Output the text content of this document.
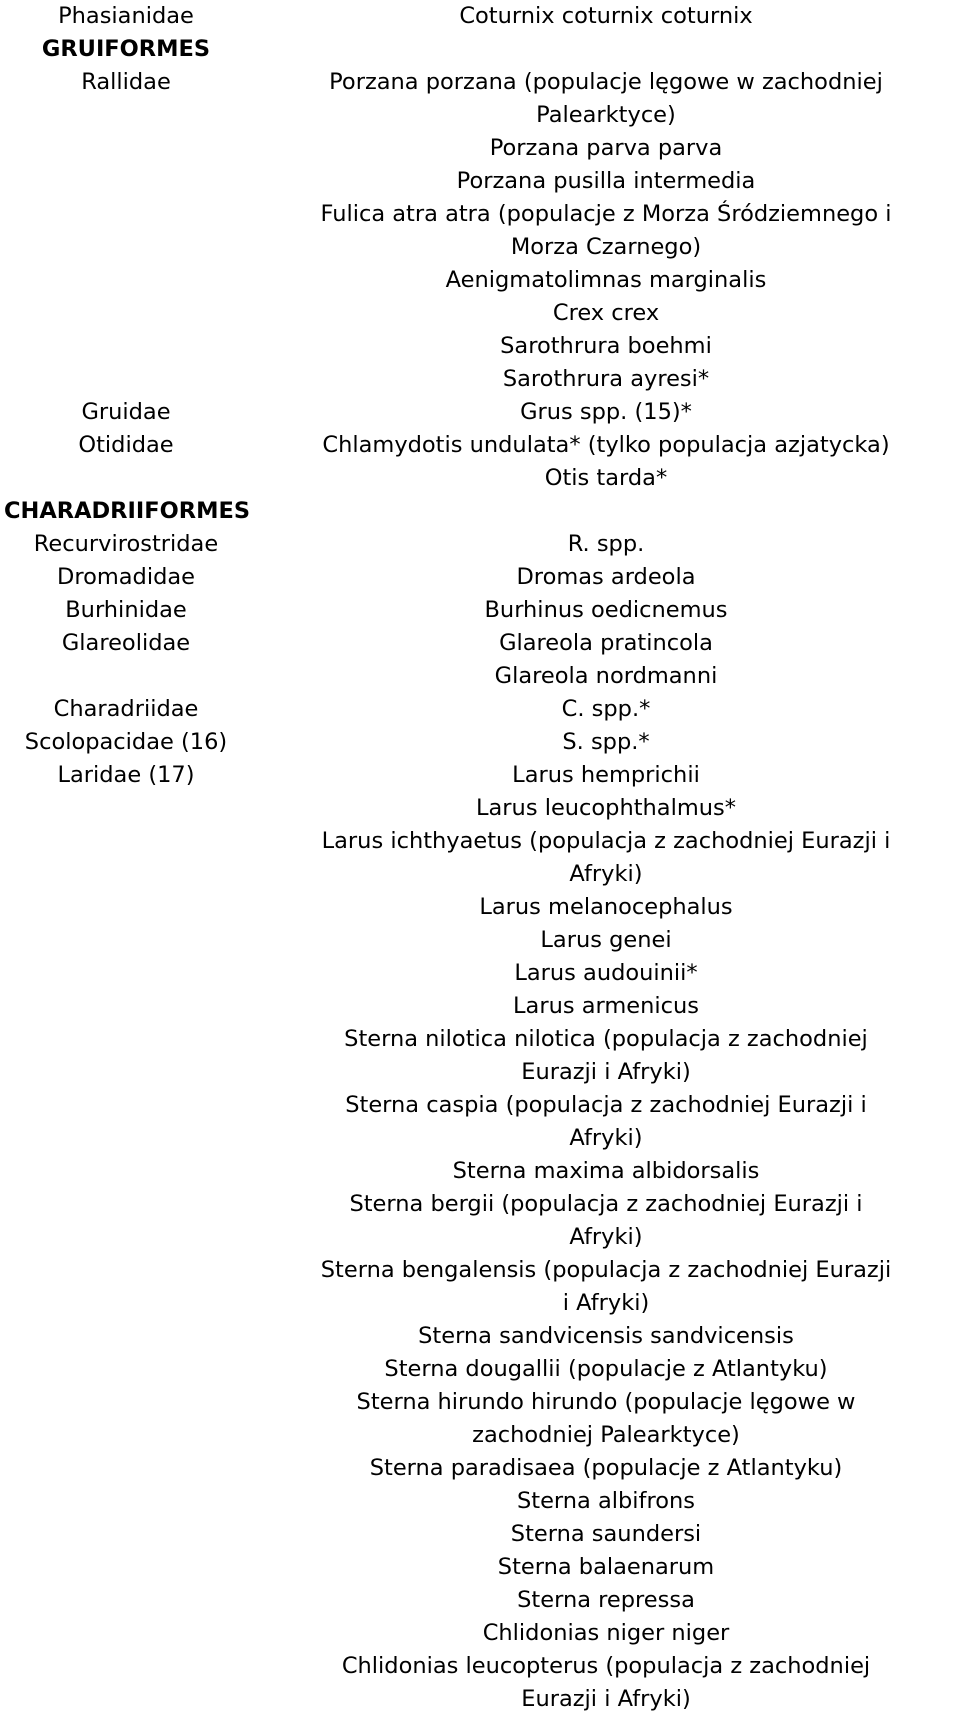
Phasianidae	Coturnix coturnix coturnix
GRUIFORMES
Rallidae	Porzana porzana (populacje lęgowe w zachodniej
Palearktyce)
Porzana parva parva
Porzana pusilla intermedia
Fulica atra atra (populacje z Morza Śródziemnego i
Morza Czarnego)
Aenigmatolimnas marginalis
Crex crex
Sarothrura boehmi
Sarothrura ayresi*
Gruidae	Grus spp. (15)*
Otididae	Chlamydotis undulata* (tylko populacja azjatycka)
Otis tarda*
CHARADRIIFORMES
Recurvirostridae	R. spp.
Dromadidae	Dromas ardeola
Burhinidae	Burhinus oedicnemus
Glareolidae	Glareola pratincola
Glareola nordmanni
Charadriidae	C. spp.*
Scolopacidae (16)	S. spp.*
Laridae (17)	Larus hemprichii
Larus leucophthalmus*
Larus ichthyaetus (populacja z zachodniej Eurazji i
Afryki)
Larus melanocephalus
Larus genei
Larus audouinii*
Larus armenicus
Sterna nilotica nilotica (populacja z zachodniej
Eurazji i Afryki)
Sterna caspia (populacja z zachodniej Eurazji i
Afryki)
Sterna maxima albidorsalis
Sterna bergii (populacja z zachodniej Eurazji i
Afryki)
Sterna bengalensis (populacja z zachodniej Eurazji
i Afryki)
Sterna sandvicensis sandvicensis
Sterna dougallii (populacje z Atlantyku)
Sterna hirundo hirundo (populacje lęgowe w
zachodniej Palearktyce)
Sterna paradisaea (populacje z Atlantyku)
Sterna albifrons
Sterna saundersi
Sterna balaenarum
Sterna repressa
Chlidonias niger niger
Chlidonias leucopterus (populacja z zachodniej
Eurazji i Afryki)
